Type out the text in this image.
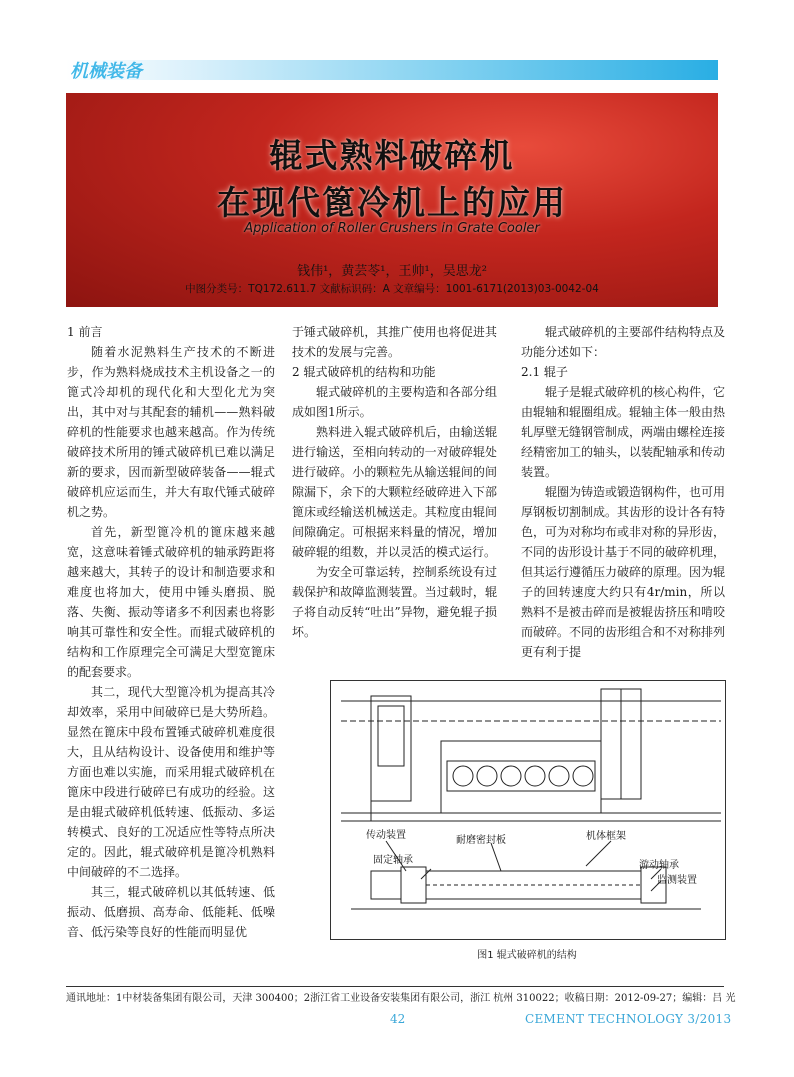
机械装备
辊式熟料破碎机
在现代篦冷机上的应用
Application of Roller Crushers in Grate Cooler
钱伟¹，黄芸苓¹，王帅¹，吴思龙²
中图分类号：TQ172.611.7 文献标识码：A 文章编号：1001-6171(2013)03-0042-04

1 前言

随着水泥熟料生产技术的不断进步，作为熟料烧成技术主机设备之一的篦式冷却机的现代化和大型化尤为突出，其中对与其配套的辅机——熟料破碎机的性能要求也越来越高。作为传统破碎技术所用的锤式破碎机已难以满足新的要求，因而新型破碎装备——辊式破碎机应运而生，并大有取代锤式破碎机之势。

首先，新型篦冷机的篦床越来越宽，这意味着锤式破碎机的轴承跨距将越来越大，其转子的设计和制造要求和难度也将加大，使用中锤头磨损、脱落、失衡、振动等诸多不利因素也将影响其可靠性和安全性。而辊式破碎机的结构和工作原理完全可满足大型宽篦床的配套要求。

其二，现代大型篦冷机为提高其冷却效率，采用中间破碎已是大势所趋。显然在篦床中段布置锤式破碎机难度很大，且从结构设计、设备使用和维护等方面也难以实施，而采用辊式破碎机在篦床中段进行破碎已有成功的经验。这是由辊式破碎机低转速、低振动、多运转模式、良好的工况适应性等特点所决定的。因此，辊式破碎机是篦冷机熟料中间破碎的不二选择。

其三，辊式破碎机以其低转速、低振动、低磨损、高寿命、低能耗、低噪音、低污染等良好的性能而明显优

于锤式破碎机，其推广使用也将促进其技术的发展与完善。

2 辊式破碎机的结构和功能

辊式破碎机的主要构造和各部分组成如图1所示。

熟料进入辊式破碎机后，由输送辊进行输送，至相向转动的一对破碎辊处进行破碎。小的颗粒先从输送辊间的间隙漏下，余下的大颗粒经破碎进入下部篦床或经输送机械送走。其粒度由辊间间隙确定。可根据来料量的情况，增加破碎辊的组数，并以灵活的模式运行。

为安全可靠运转，控制系统设有过载保护和故障监测装置。当过载时，辊子将自动反转“吐出”异物，避免辊子损坏。

辊式破碎机的主要部件结构特点及功能分述如下：

2.1 辊子

辊子是辊式破碎机的核心构件，它由辊轴和辊圈组成。辊轴主体一般由热轧厚壁无缝钢管制成，两端由螺栓连接经精密加工的轴头，以装配轴承和传动装置。

辊圈为铸造或锻造钢构件，也可用厚钢板切割制成。其齿形的设计各有特色，可为对称均布或非对称的异形齿，不同的齿形设计基于不同的破碎机理，但其运行遵循压力破碎的原理。因为辊子的回转速度大约只有4r/min，所以熟料不是被击碎而是被辊齿挤压和啃咬而破碎。不同的齿形组合和不对称排列更有利于提

传动装置	耐磨密封板	机体框架
固定轴承	游动轴承
监测装置
图1 辊式破碎机的结构
通讯地址：1中材装备集团有限公司，天津 300400；2浙江省工业设备安装集团有限公司，浙江 杭州 310022；收稿日期：2012-09-27；编辑：吕 光
42	CEMENT TECHNOLOGY 3/2013
